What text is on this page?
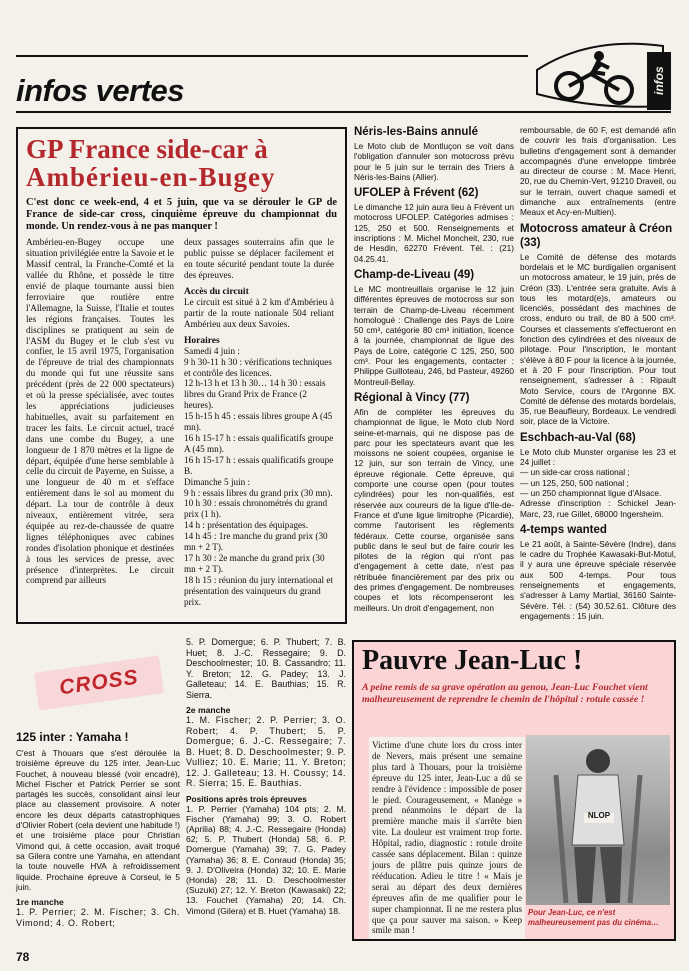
infos vertes	infos
GP France side-car à
Ambérieu-en-Bugey
C'est donc ce week-end, 4 et 5 juin, que va se dérouler le GP de France de side-car cross, cinquième épreuve du championnat du monde. Un rendez-vous à ne pas manquer !
Ambérieu-en-Bugey occupe une situation privilégiée entre la Savoie et le Massif central, la Franche-Comté et la vallée du Rhône, et possède le titre envié de plaque tournante aussi bien ferroviaire que routière entre l'Allemagne, la Suisse, l'Italie et toutes les régions françaises. Toutes les disciplines se pratiquent au sein de l'ASM du Bugey et le club s'est vu confier, le 15 avril 1975, l'organisation de l'épreuve de trial des championnats du monde qui fut une réussite sans précédent (près de 22 000 spectateurs) et où la presse spécialisée, avec toutes les appréciations judicieuses habituelles, avait su parfaitement en tracer les faits. Le circuit actuel, tracé dans une combe du Bugey, a une longueur de 1 870 mètres et la ligne de départ, équipée d'une herse semblable à celle du circuit de Payerne, en Suisse, a une longueur de 40 m et s'efface entièrement dans le sol au moment du départ. La tour de contrôle à deux niveaux, entièrement vitrée, sera équipée au rez-de-chaussée de quatre lignes téléphoniques avec cabines rondes d'isolation phonique et destinées à tous les services de presse, avec présence d'interprètes. Le circuit comprend par ailleurs
deux passages souterrains afin que le public puisse se déplacer facilement et en toute sécurité pendant toute la durée des épreuves.
Accès du circuit
Le circuit est situé à 2 km d'Ambérieu à partir de la route nationale 504 reliant Ambérieu aux deux Savoies.
Horaires
Samedi 4 juin :
9 h 30-11 h 30 : vérifications techniques et contrôle des licences.
12 h-13 h et 13 h 30… 14 h 30 : essais libres du Grand Prix de France (2 heures).
15 h-15 h 45 : essais libres groupe A (45 mn).
16 h 15-17 h : essais qualificatifs groupe A (45 mn).
16 h 15-17 h : essais qualificatifs groupe B.
Dimanche 5 juin :
9 h : essais libres du grand prix (30 mn).
10 h 30 : essais chronométrés du grand prix (1 h).
14 h : présentation des équipages.
14 h 45 : 1re manche du grand prix (30 mn + 2 T).
17 h 30 : 2e manche du grand prix (30 mn + 2 T).
18 h 15 : réunion du jury international et présentation des vainqueurs du grand prix.
Néris-les-Bains annulé
Le Moto club de Montluçon se voit dans l'obligation d'annuler son motocross prévu pour le 5 juin sur le terrain des Triers à Néris-les-Bains (Allier).
UFOLEP à Frévent (62)
Le dimanche 12 juin aura lieu à Frévent un motocross UFOLEP. Catégories admises : 125, 250 et 500. Renseignements et inscriptions : M. Michel Moncheit, 230, rue de Hesdin, 62270 Frévent. Tél. : (21) 04.25.41.
Champ-de-Liveau (49)
Le MC montreuillais organise le 12 juin différentes épreuves de motocross sur son terrain de Champ-de-Liveau récemment homologué : Challenge des Pays de Loire 50 cm³, catégorie 80 cm³ initiation, licence à la journée, championnat de ligue des Pays de Loire, catégorie C 125, 250, 500 cm³. Pour les engagements, contacter : Philippe Guilloteau, 246, bd Pasteur, 49260 Montreuil-Bellay.
Régional à Vincy (77)
Afin de compléter les épreuves du championnat de ligue, le Moto club Nord seine-et-marnais, qui ne dispose pas de parc pour les spectateurs avant que les moissons ne soient coupées, organise le 12 juin, sur son terrain de Vincy, une épreuve régionale. Cette épreuve, qui comporte une course open (pour toutes cylindrées) pour les non-qualifiés, est réservée aux coureurs de la ligue d'Ile-de-France et d'une ligue limitrophe (Picardie), comme l'autorisent les règlements fédéraux. Cette course, organisée sans public dans le seul but de faire courir les pilotes de la région qui n'ont pas d'engagement à cette date, n'est pas rétribuée financièrement par des prix ou des primes d'engagement. De nombreuses coupes et lots récompenseront les meilleurs. Un droit d'engagement, non
remboursable, de 60 F, est demandé afin de couvrir les frais d'organisation. Les bulletins d'engagement sont à demander accompagnés d'une enveloppe timbrée au directeur de course : M. Mace Henri, 20, rue du Chemin-Vert, 91210 Draveil, ou sur le terrain, ouvert chaque samedi et dimanche aux entraînements (entre Meaux et Acy-en-Multien).
Motocross amateur à Créon (33)
Le Comité de défense des motards bordelais et le MC burdigalien organisent un motocross amateur, le 19 juin, près de Créon (33). L'entrée sera gratuite. Avis à tous les motard(e)s, amateurs ou licenciés, possédant des machines de cross, enduro ou trail, de 80 à 500 cm³. Courses et classements s'effectueront en fonction des cylindrées et des niveaux de pilotage. Pour l'inscription, le montant s'élève à 80 F pour la licence à la journée, et à 20 F pour l'inscription. Pour tout renseignement, s'adresser à : Ripault Moto Service, cours de l'Argonne BX. Comité de défense des motards bordelais, 35, rue Beaufleury, Bordeaux. Le vendredi soir, place de la Victoire.
Eschbach-au-Val (68)
Le Moto club Munster organise les 23 et 24 juillet :
— un side-car cross national ;
— un 125, 250, 500 national ;
— un 250 championnat ligue d'Alsace.
Adresse d'inscription : Schickel Jean-Marc, 23, rue Gillet, 68000 Ingersheim.
4-temps wanted
Le 21 août, à Sainte-Sévère (Indre), dans le cadre du Trophée Kawasaki-But-Motul, il y aura une épreuve spéciale réservée aux 500 4-temps. Pour tous renseignements et engagements, s'adresser à Lamy Martial, 36160 Sainte-Sévère. Tél. : (54) 30.52.61. Clôture des engagements : 15 juin.
CROSS
125 inter : Yamaha !
C'est à Thouars que s'est déroulée la troisième épreuve du 125 inter. Jean-Luc Fouchet, à nouveau blessé (voir encadré), Michel Fischer et Patrick Perrier se sont partagés les succès, consolidant ainsi leur place au classement provisoire. A noter encore les deux départs catastrophiques d'Olivier Robert (cela devient une habitude !) et une troisième place pour Christian Vimond qui, à cette occasion, avait troqué sa Gilera contre une Yamaha, en attendant la toute nouvelle HVA à refroidissement liquide. Prochaine épreuve à Corseul, le 5 juin.
1re manche
1. P. Perrier; 2. M. Fischer; 3. Ch. Vimond; 4. O. Robert;
5. P. Domergue; 6. P. Thubert; 7. B. Huet; 8. J.-C. Ressegaire; 9. D. Deschoolmester; 10. B. Cassandro; 11. Y. Breton; 12. G. Padey; 13. J. Galleteau; 14. E. Bauthias; 15. R. Sierra.
2e manche
1. M. Fischer; 2. P. Perrier; 3. O. Robert; 4. P. Thubert; 5. P. Domergue; 6. J.-C. Ressegaire; 7. B. Huet; 8. D. Deschoolmester; 9. P. Vulliez; 10. E. Marie; 11. Y. Breton; 12. J. Galleteau; 13. H. Coussy; 14. R. Sierra; 15. E. Bauthias.
Positions après trois épreuves
1. P. Perrier (Yamaha) 104 pts; 2. M. Fischer (Yamaha) 99; 3. O. Robert (Aprilia) 88; 4. J.-C. Ressegaire (Honda) 62; 5. P. Thubert (Honda) 58; 6. P. Domergue (Yamaha) 39; 7. G. Padey (Yamaha) 36; 8. E. Conraud (Honda) 35; 9. J. D'Oliveira (Honda) 32; 10. E. Marie (Honda) 28; 11. D. Deschoolmester (Suzuki) 27; 12. Y. Breton (Kawasaki) 22; 13. Fouchet (Yamaha) 20; 14. Ch. Vimond (Gilera) et B. Huet (Yamaha) 18.
Pauvre Jean-Luc !
A peine remis de sa grave opération au genou, Jean-Luc Fouchet vient malheureusement de reprendre le chemin de l'hôpital : rotule cassée !
Victime d'une chute lors du cross inter de Nevers, mais présent une semaine plus tard à Thouars, pour la troisième épreuve du 125 inter, Jean-Luc a dû se rendre à l'évidence : impossible de poser le pied. Courageusement, « Manège » prend néanmoins le départ de la première manche mais il s'arrête bien vite. La douleur est vraiment trop forte. Hôpital, radio, diagnostic : rotule droite cassée sans déplacement. Bilan : quinze jours de plâtre puis quinze jours de rééducation. Adieu le titre ! « Mais je serai au départ des deux dernières épreuves afin de me qualifier pour le super championnat. Il ne me restera plus que ça pour sauver ma saison. » Keep smile man !
NLOP
Pour Jean-Luc, ce n'est malheureusement pas du cinéma…
78
